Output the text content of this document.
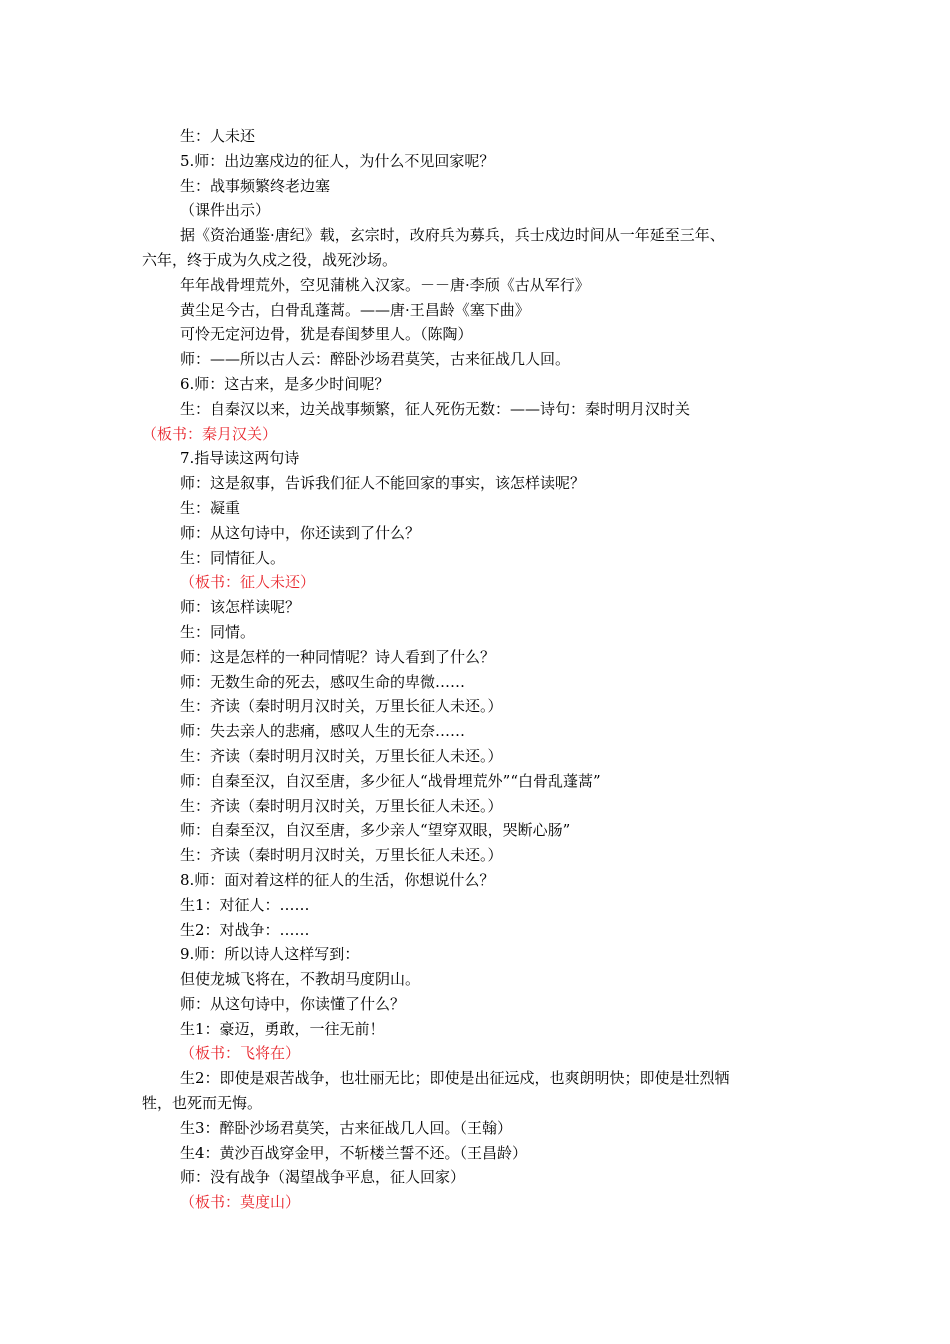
生：人未还
5.师：出边塞戍边的征人，为什么不见回家呢？
生：战事频繁终老边塞
（课件出示）
据《资治通鉴·唐纪》载，玄宗时，改府兵为募兵，兵士戍边时间从一年延至三年、
六年，终于成为久戍之役，战死沙场。
年年战骨埋荒外，空见蒲桃入汉家。－－唐·李颀《古从军行》
黄尘足今古，白骨乱蓬蒿。——唐·王昌龄《塞下曲》
可怜无定河边骨，犹是春闺梦里人。（陈陶）
师：——所以古人云：醉卧沙场君莫笑，古来征战几人回。
6.师：这古来，是多少时间呢？
生：自秦汉以来，边关战事频繁，征人死伤无数：——诗句：秦时明月汉时关
（板书：秦月汉关）
7.指导读这两句诗
师：这是叙事，告诉我们征人不能回家的事实，该怎样读呢？
生：凝重
师：从这句诗中，你还读到了什么？
生：同情征人。
（板书：征人未还）
师：该怎样读呢？
生：同情。
师：这是怎样的一种同情呢？诗人看到了什么？
师：无数生命的死去，感叹生命的卑微……
生：齐读（秦时明月汉时关，万里长征人未还。）
师：失去亲人的悲痛，感叹人生的无奈……
生：齐读（秦时明月汉时关，万里长征人未还。）
师：自秦至汉，自汉至唐，多少征人“战骨埋荒外”“白骨乱蓬蒿”
生：齐读（秦时明月汉时关，万里长征人未还。）
师：自秦至汉，自汉至唐，多少亲人“望穿双眼，哭断心肠”
生：齐读（秦时明月汉时关，万里长征人未还。）
8.师：面对着这样的征人的生活，你想说什么？
生1：对征人：……
生2：对战争：……
9.师：所以诗人这样写到：
但使龙城飞将在，不教胡马度阴山。
师：从这句诗中，你读懂了什么？
生1：豪迈，勇敢，一往无前！
（板书：飞将在）
生2：即使是艰苦战争，也壮丽无比；即使是出征远戍，也爽朗明快；即使是壮烈牺
牲，也死而无悔。
生3：醉卧沙场君莫笑，古来征战几人回。（王翰）
生4：黄沙百战穿金甲，不斩楼兰誓不还。（王昌龄）
师：没有战争（渴望战争平息，征人回家）
（板书：莫度山）
